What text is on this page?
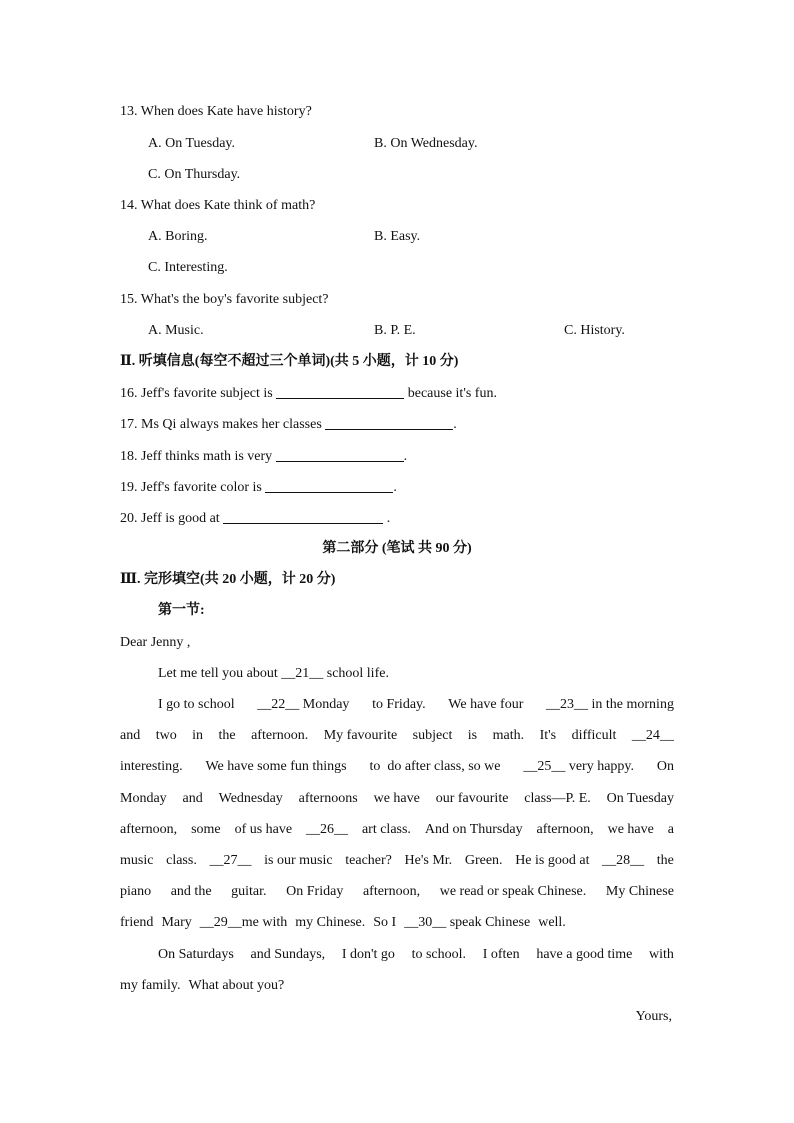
13. When does Kate have history?
A. On Tuesday.	B. On Wednesday.
C. On Thursday.
14. What does Kate think of math?
A. Boring.	B. Easy.
C. Interesting.
15. What's the boy's favorite subject?
A. Music.	B. P. E.	C. History.
Ⅱ. 听填信息(每空不超过三个单词)(共 5 小题，计 10 分)
16. Jeff's favorite subject is	because it's fun.
17. Ms Qi always makes her classes	.
18. Jeff thinks math is very	.
19. Jeff's favorite color is	.
20. Jeff is good at	.
第二部分 (笔试 共 90 分)
Ⅲ. 完形填空(共 20 小题，计 20 分)
第一节:
Dear Jenny ,
Let me tell you about __21__ school life.
I go to school __22__ Monday to Friday. We have four __23__ in the morning
and two in the afternoon. My favourite subject is math. It's difficult __24__
interesting. We have some fun things to  do after class, so we __25__ very happy. On
Monday and Wednesday afternoons we have our favourite class—P. E. On Tuesday
afternoon, some of us have __26__ art class. And on Thursday afternoon, we have a
music class. __27__ is our music teacher? He's Mr. Green. He is good at __28__ the
piano and the guitar. On Friday afternoon, we read or speak Chinese. My Chinese
friend Mary __29__me with my Chinese. So I __30__ speak Chinese well.
On Saturdays and Sundays, I don't go to school. I often have a good time with
my family. What about you?
Yours,
